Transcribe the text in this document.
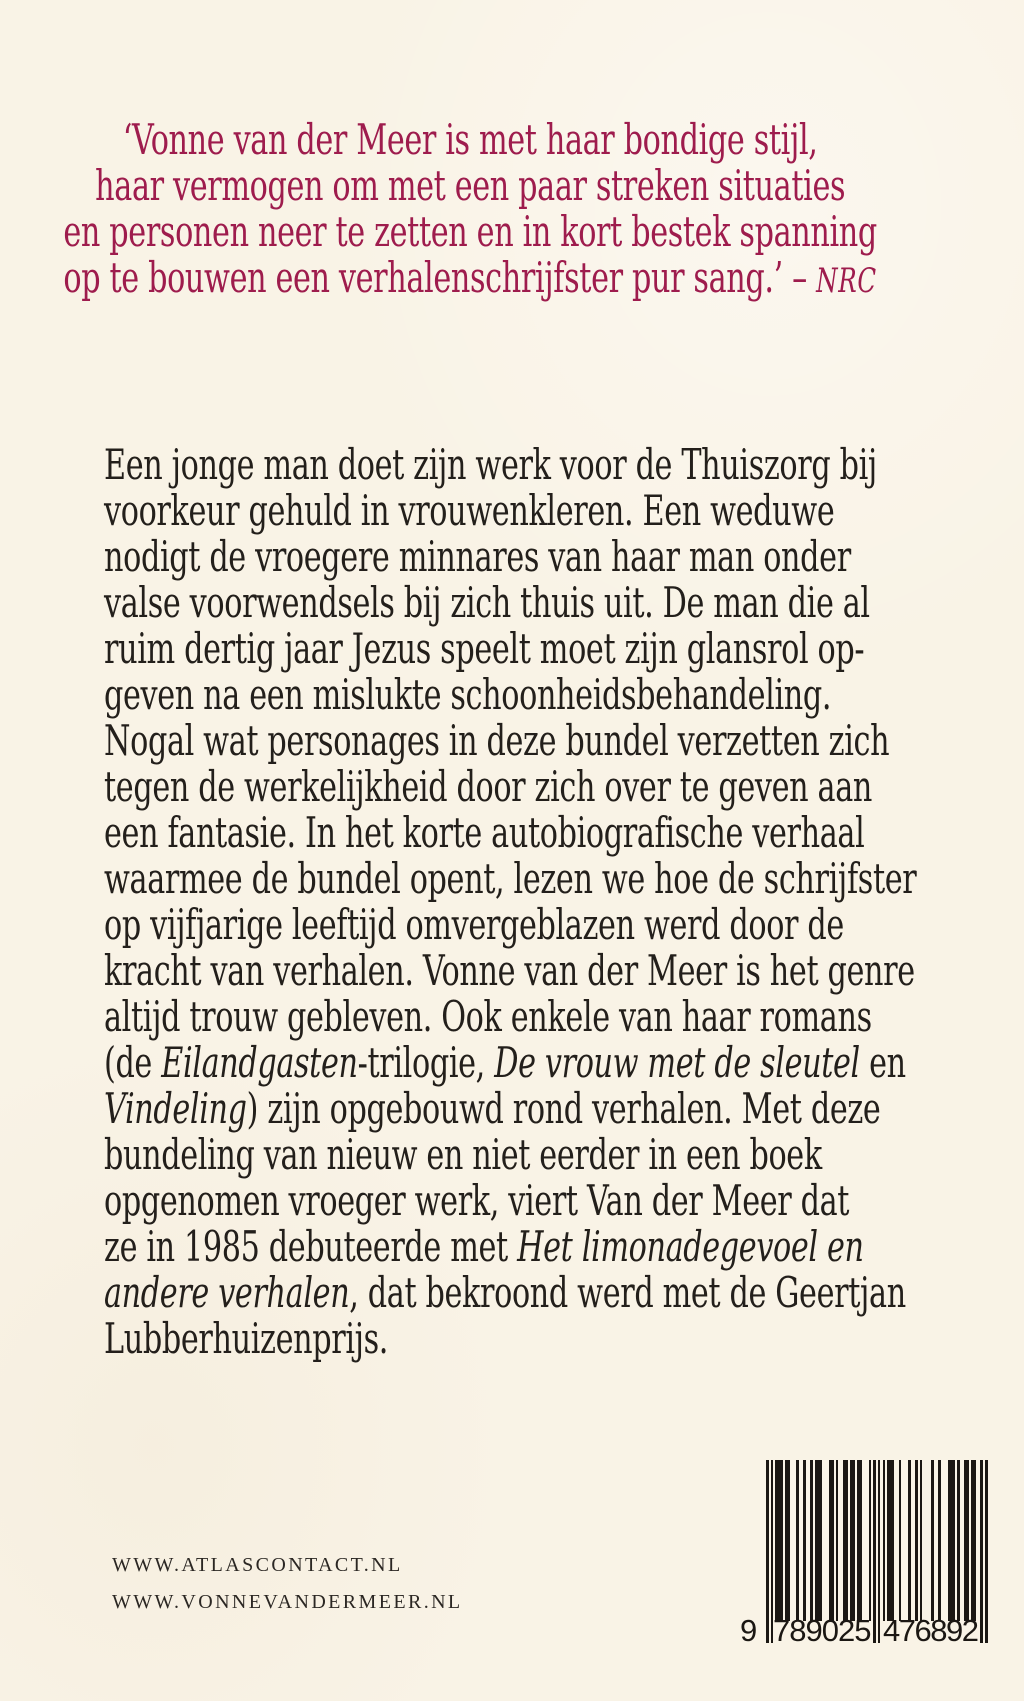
‘Vonne van der Meer is met haar bondige stijl,
haar vermogen om met een paar streken situaties
en personen neer te zetten en in kort bestek spanning
op te bouwen een verhalenschrijfster pur sang.’ – NRC
Een jonge man doet zijn werk voor de Thuiszorg bij
voorkeur gehuld in vrouwenkleren. Een weduwe
nodigt de vroegere minnares van haar man onder
valse voorwendsels bij zich thuis uit. De man die al
ruim dertig jaar Jezus speelt moet zijn glansrol op-
geven na een mislukte schoonheidsbehandeling.
Nogal wat personages in deze bundel verzetten zich
tegen de werkelijkheid door zich over te geven aan
een fantasie. In het korte autobiografische verhaal
waarmee de bundel opent, lezen we hoe de schrijfster
op vijfjarige leeftijd omvergeblazen werd door de
kracht van verhalen. Vonne van der Meer is het genre
altijd trouw gebleven. Ook enkele van haar romans
(de Eilandgasten-trilogie, De vrouw met de sleutel en
Vindeling) zijn opgebouwd rond verhalen. Met deze
bundeling van nieuw en niet eerder in een boek
opgenomen vroeger werk, viert Van der Meer dat
ze in 1985 debuteerde met Het limonadegevoel en
andere verhalen, dat bekroond werd met de Geertjan
Lubberhuizenprijs.
WWW.ATLASCONTACT.NL
WWW.VONNEVANDERMEER.NL
9 789025 476892
